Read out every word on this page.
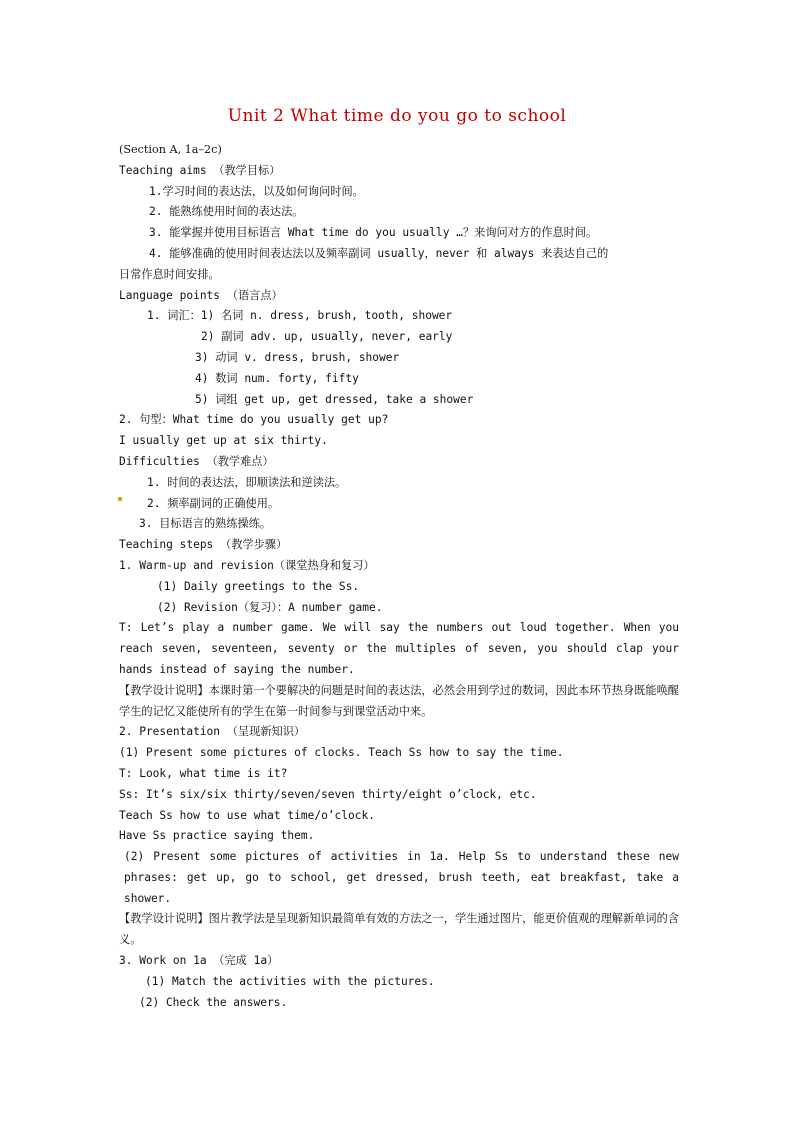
Unit 2 What time do you go to school

(Section A, 1a–2c)

Teaching aims （教学目标）

1.学习时间的表达法，以及如何询问时间。

2. 能熟练使用时间的表达法。

3. 能掌握并使用目标语言 What time do you usually …？来询问对方的作息时间。

4. 能够准确的使用时间表达法以及频率副词 usually，never 和 always 来表达自己的

日常作息时间安排。

Language points （语言点）

1. 词汇：1) 名词 n. dress, brush, tooth, shower

2) 副词 adv. up, usually, never, early

3) 动词 v. dress, brush, shower

4) 数词 num. forty, fifty

5) 词组 get up, get dressed, take a shower

2. 句型：What time do you usually get up?

I usually get up at six thirty.

Difficulties （教学难点）

1. 时间的表达法，即顺读法和逆读法。

2. 频率副词的正确使用。

3. 目标语言的熟练操练。

Teaching steps （教学步骤）

1. Warm-up and revision（课堂热身和复习）

(1) Daily greetings to the Ss.

(2) Revision（复习）：A number game.

T: Let’s play a number game. We will say the numbers out loud together. When you reach seven, seventeen, seventy or the multiples of seven, you should clap your hands instead of saying the number.

【教学设计说明】本课时第一个要解决的问题是时间的表达法，必然会用到学过的数词，因此本环节热身既能唤醒学生的记忆又能使所有的学生在第一时间参与到课堂活动中来。

2. Presentation （呈现新知识）

(1) Present some pictures of clocks. Teach Ss how to say the time.

T: Look, what time is it?

Ss: It’s six/six thirty/seven/seven thirty/eight o’clock, etc.

Teach Ss how to use what time/o’clock.

Have Ss practice saying them.

(2) Present some pictures of activities in 1a. Help Ss to understand these new phrases: get up, go to school, get dressed, brush teeth, eat breakfast, take a shower.

【教学设计说明】图片教学法是呈现新知识最简单有效的方法之一，学生通过图片，能更价值观的理解新单词的含义。

3. Work on 1a （完成 1a）

(1) Match the activities with the pictures.

(2) Check the answers.
